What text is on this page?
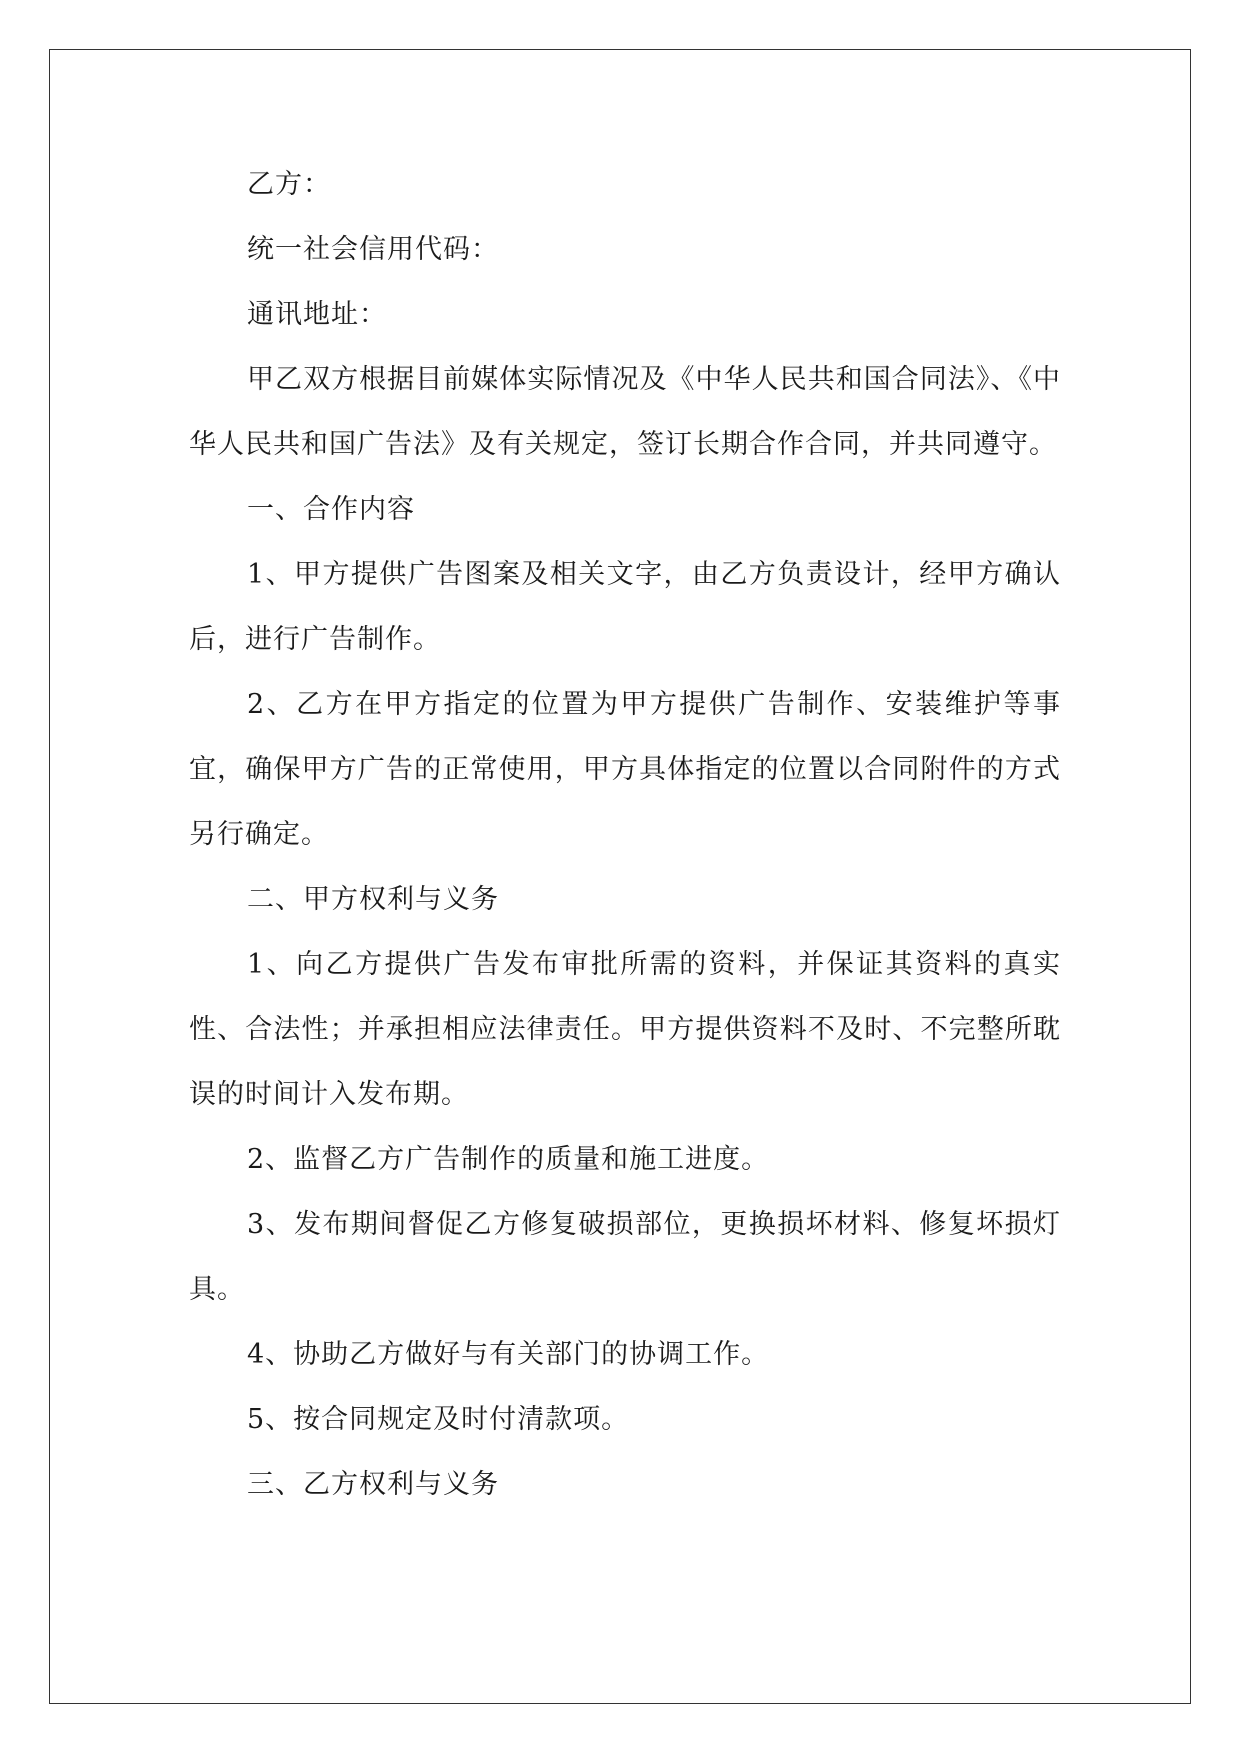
乙方：

统一社会信用代码：

通讯地址：

甲乙双方根据目前媒体实际情况及《中华人民共和国合同法》、《中华人民共和国广告法》及有关规定，签订长期合作合同，并共同遵守。

一、合作内容

1、甲方提供广告图案及相关文字，由乙方负责设计，经甲方确认后，进行广告制作。

2、乙方在甲方指定的位置为甲方提供广告制作、安装维护等事宜，确保甲方广告的正常使用，甲方具体指定的位置以合同附件的方式另行确定。

二、甲方权利与义务

1、向乙方提供广告发布审批所需的资料，并保证其资料的真实性、合法性；并承担相应法律责任。甲方提供资料不及时、不完整所耽误的时间计入发布期。

2、监督乙方广告制作的质量和施工进度。

3、发布期间督促乙方修复破损部位，更换损坏材料、修复坏损灯具。

4、协助乙方做好与有关部门的协调工作。

5、按合同规定及时付清款项。

三、乙方权利与义务
